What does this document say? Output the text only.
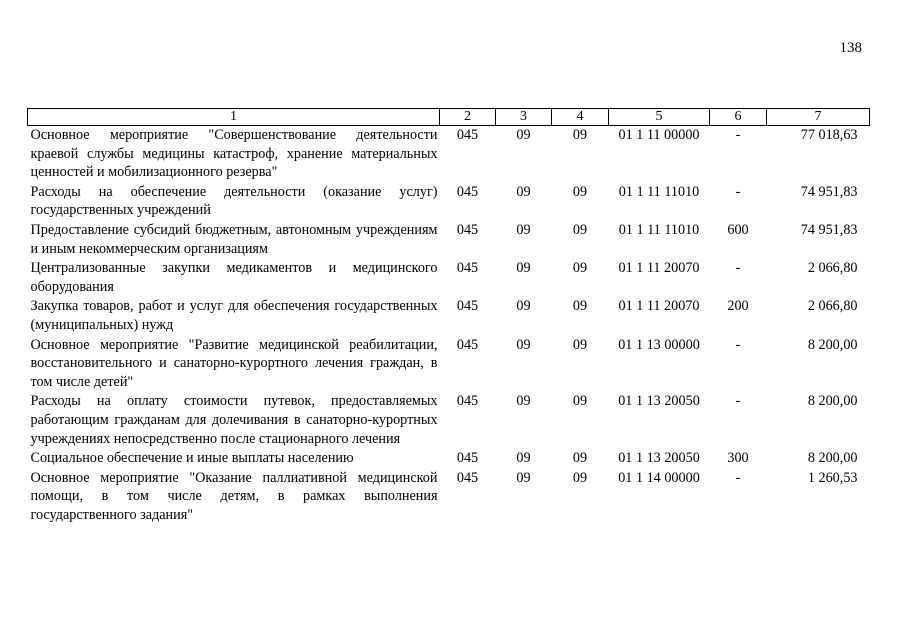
138
1	2	3	4	5	6	7
Основное мероприятие "Совершенствование деятельности краевой службы медицины катастроф, хранение материальных ценностей и мобилизационного резерва"	045	09	09	01 1 11 00000	-	77 018,63
Расходы на обеспечение деятельности (оказание услуг) государственных учреждений	045	09	09	01 1 11 11010	-	74 951,83
Предоставление субсидий бюджетным, автономным учреждениям и иным некоммерческим организациям	045	09	09	01 1 11 11010	600	74 951,83
Централизованные закупки медикаментов и медицинского оборудования	045	09	09	01 1 11 20070	-	2 066,80
Закупка товаров, работ и услуг для обеспечения государственных (муниципальных) нужд	045	09	09	01 1 11 20070	200	2 066,80
Основное мероприятие "Развитие медицинской реабилитации, восстановительного и санаторно-курортного лечения граждан, в том числе детей"	045	09	09	01 1 13 00000	-	8 200,00
Расходы на оплату стоимости путевок, предоставляемых работающим гражданам для долечивания в санаторно-курортных учреждениях непосредственно после стационарного лечения	045	09	09	01 1 13 20050	-	8 200,00
Социальное обеспечение и иные выплаты населению	045	09	09	01 1 13 20050	300	8 200,00
Основное мероприятие "Оказание паллиативной медицинской помощи, в том числе детям, в рамках выполнения государственного задания"	045	09	09	01 1 14 00000	-	1 260,53
